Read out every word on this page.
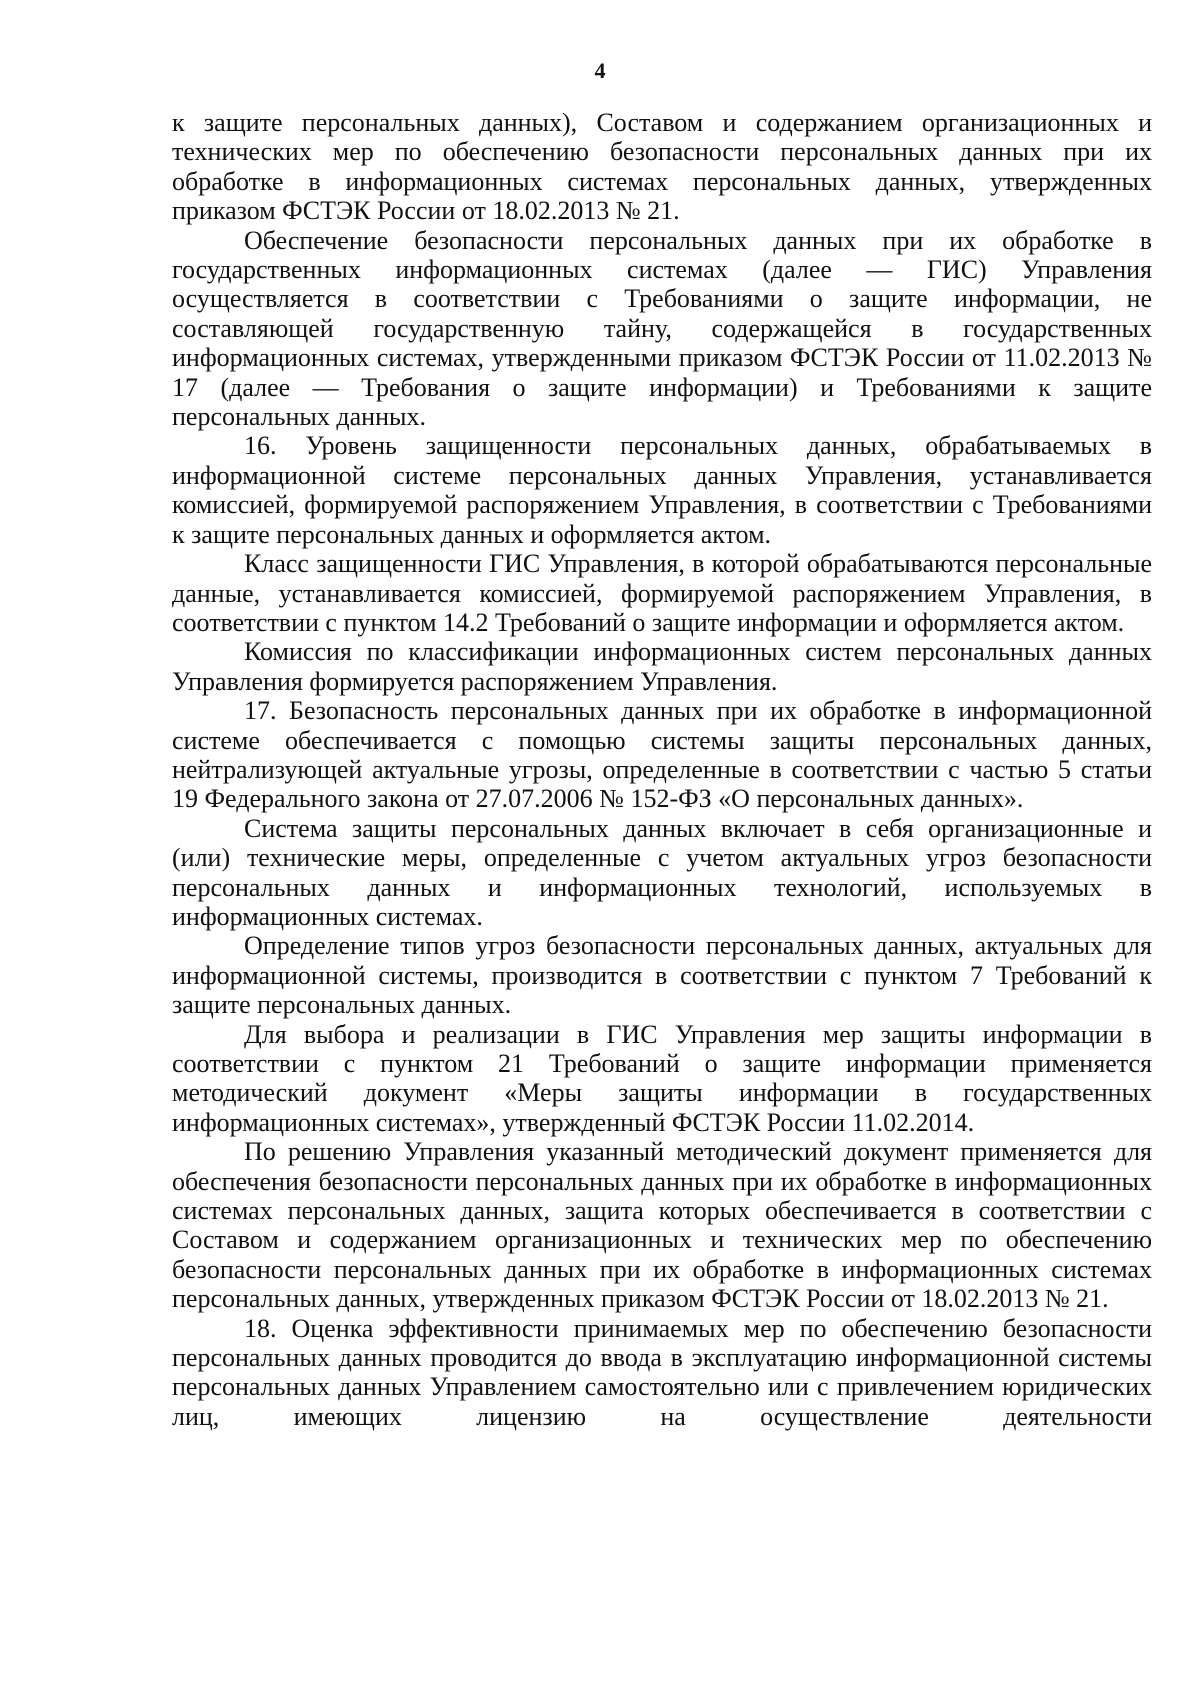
4

к защите персональных данных), Составом и содержанием организационных и технических мер по обеспечению безопасности персональных данных при их обработке в информационных системах персональных данных, утвержденных приказом ФСТЭК России от 18.02.2013 № 21.

Обеспечение безопасности персональных данных при их обработке в государственных информационных системах (далее — ГИС) Управления осуществляется в соответствии с Требованиями о защите информации, не составляющей государственную тайну, содержащейся в государственных информационных системах, утвержденными приказом ФСТЭК России от 11.02.2013 № 17 (далее — Требования о защите информации) и Требованиями к защите персональных данных.

16. Уровень защищенности персональных данных, обрабатываемых в информационной системе персональных данных Управления, устанавливается комиссией, формируемой распоряжением Управления, в соответствии с Требованиями к защите персональных данных и оформляется актом.

Класс защищенности ГИС Управления, в которой обрабатываются персональные данные, устанавливается комиссией, формируемой распоряжением Управления, в соответствии с пунктом 14.2 Требований о защите информации и оформляется актом.

Комиссия по классификации информационных систем персональных данных Управления формируется распоряжением Управления.

17. Безопасность персональных данных при их обработке в информационной системе обеспечивается с помощью системы защиты персональных данных, нейтрализующей актуальные угрозы, определенные в соответствии с частью 5 статьи 19 Федерального закона от 27.07.2006 № 152-ФЗ «О персональных данных».

Система защиты персональных данных включает в себя организационные и (или) технические меры, определенные с учетом актуальных угроз безопасности персональных данных и информационных технологий, используемых в информационных системах.

Определение типов угроз безопасности персональных данных, актуальных для информационной системы, производится в соответствии с пунктом 7 Требований к защите персональных данных.

Для выбора и реализации в ГИС Управления мер защиты информации в соответствии с пунктом 21 Требований о защите информации применяется методический документ «Меры защиты информации в государственных информационных системах», утвержденный ФСТЭК России 11.02.2014.

По решению Управления указанный методический документ применяется для обеспечения безопасности персональных данных при их обработке в информационных системах персональных данных, защита которых обеспечивается в соответствии с Составом и содержанием организационных и технических мер по обеспечению безопасности персональных данных при их обработке в информационных системах персональных данных, утвержденных приказом ФСТЭК России от 18.02.2013 № 21.

18. Оценка эффективности принимаемых мер по обеспечению безопасности персональных данных проводится до ввода в эксплуатацию информационной системы персональных данных Управлением самостоятельно или с привлечением юридических лиц, имеющих лицензию на осуществление деятельности
